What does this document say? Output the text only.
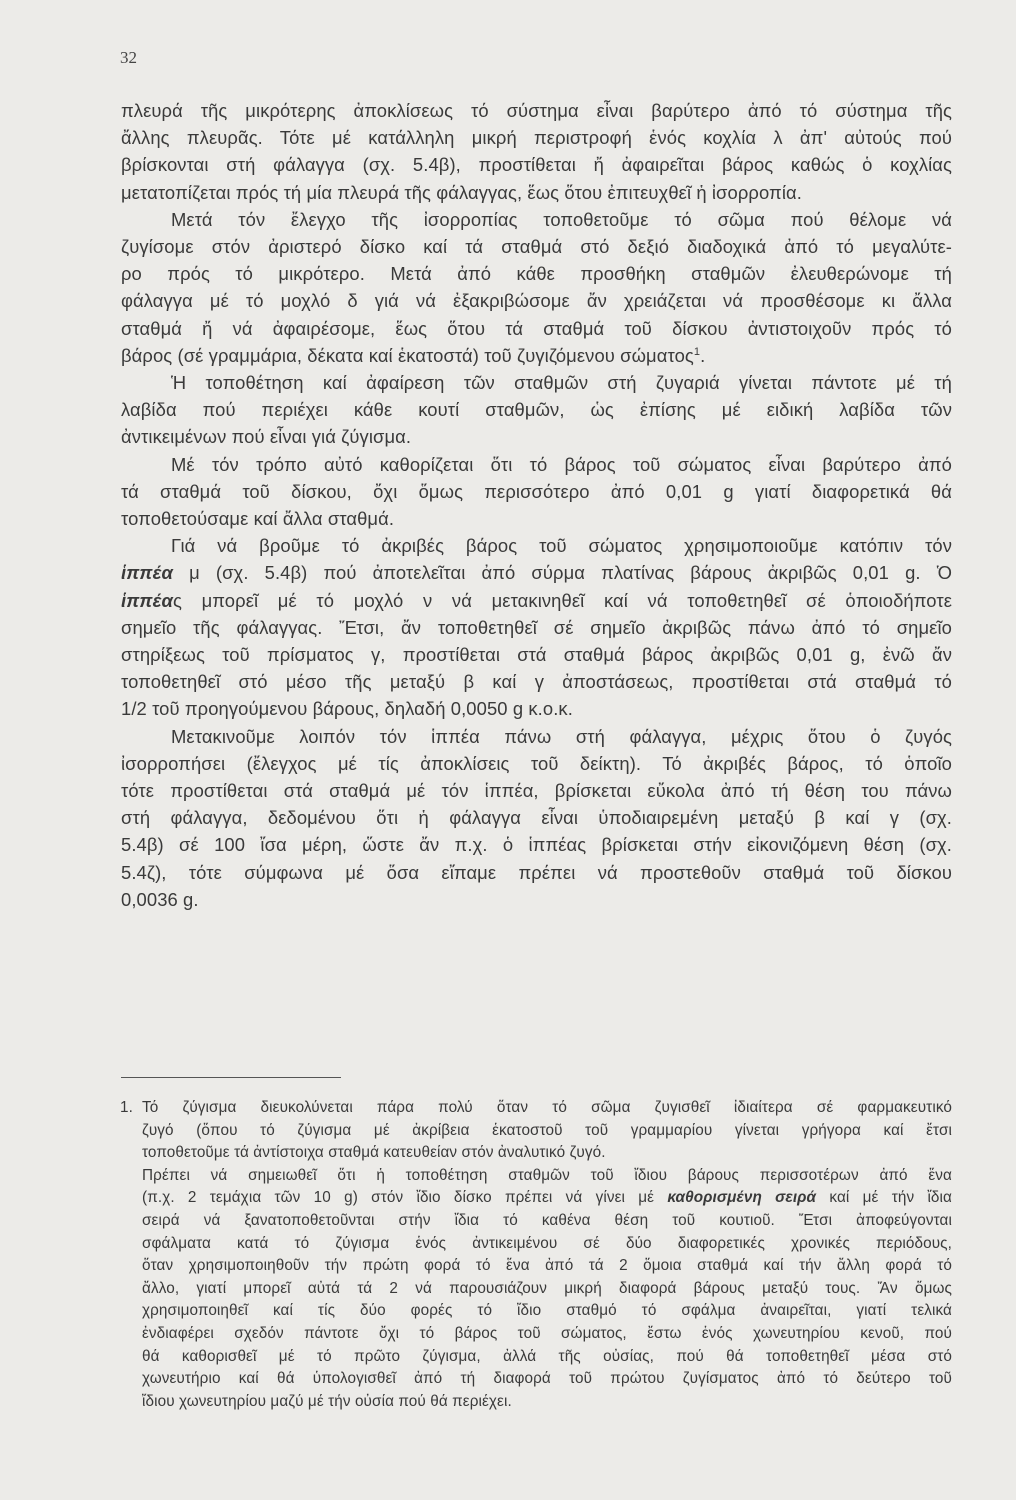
32

πλευρά τῆς μικρότερης ἀποκλίσεως τό σύστημα εἶναι βαρύτερο ἀπό τό σύστημα τῆς
ἄλλης πλευρᾶς. Τότε μέ κατάλληλη μικρή περιστροφή ἑνός κοχλία λ ἀπ' αὐτούς πού
βρίσκονται στή φάλαγγα (σχ. 5.4β), προστίθεται ἤ ἀφαιρεῖται βάρος καθώς ὁ κοχλίας
μετατοπίζεται πρός τή μία πλευρά τῆς φάλαγγας, ἕως ὅτου ἐπιτευχθεῖ ἡ ἰσορροπία.

Μετά τόν ἔλεγχο τῆς ἰσορροπίας τοποθετοῦμε τό σῶμα πού θέλομε νά
ζυγίσομε στόν ἀριστερό δίσκο καί τά σταθμά στό δεξιό διαδοχικά ἀπό τό μεγαλύτε-
ρο πρός τό μικρότερο. Μετά ἀπό κάθε προσθήκη σταθμῶν ἐλευθερώνομε τή
φάλαγγα μέ τό μοχλό δ γιά νά ἐξακριβώσομε ἄν χρειάζεται νά προσθέσομε κι ἄλλα
σταθμά ἤ νά ἀφαιρέσομε, ἕως ὅτου τά σταθμά τοῦ δίσκου ἀντιστοιχοῦν πρός τό
βάρος (σέ γραμμάρια, δέκατα καί ἑκατοστά) τοῦ ζυγιζόμενου σώματος$^1$.

Ἡ τοποθέτηση καί ἀφαίρεση τῶν σταθμῶν στή ζυγαριά γίνεται πάντοτε μέ τή
λαβίδα πού περιέχει κάθε κουτί σταθμῶν, ὡς ἐπίσης μέ ειδική λαβίδα τῶν
ἀντικειμένων πού εἶναι γιά ζύγισμα.

Μέ τόν τρόπο αὐτό καθορίζεται ὅτι τό βάρος τοῦ σώματος εἶναι βαρύτερο ἀπό
τά σταθμά τοῦ δίσκου, ὄχι ὅμως περισσότερο ἀπό 0,01 g γιατί διαφορετικά θά
τοποθετούσαμε καί ἄλλα σταθμά.

Γιά νά βροῦμε τό ἀκριβές βάρος τοῦ σώματος χρησιμοποιοῦμε κατόπιν τόν
ἱππέα μ (σχ. 5.4β) πού ἀποτελεῖται ἀπό σύρμα πλατίνας βάρους ἀκριβῶς 0,01 g. Ὁ
ἱππέας μπορεῖ μέ τό μοχλό ν νά μετακινηθεῖ καί νά τοποθετηθεῖ σέ ὁποιοδήποτε
σημεῖο τῆς φάλαγγας. Ἔτσι, ἄν τοποθετηθεῖ σέ σημεῖο ἀκριβῶς πάνω ἀπό τό σημεῖο
στηρίξεως τοῦ πρίσματος γ, προστίθεται στά σταθμά βάρος ἀκριβῶς 0,01 g, ἐνῶ ἄν
τοποθετηθεῖ στό μέσο τῆς μεταξύ β καί γ ἀποστάσεως, προστίθεται στά σταθμά τό
1/2 τοῦ προηγούμενου βάρους, δηλαδή 0,0050 g κ.ο.κ.

Μετακινοῦμε λοιπόν τόν ἱππέα πάνω στή φάλαγγα, μέχρις ὅτου ὁ ζυγός
ἰσορροπήσει (ἔλεγχος μέ τίς ἀποκλίσεις τοῦ δείκτη). Τό ἀκριβές βάρος, τό ὁποῖο
τότε προστίθεται στά σταθμά μέ τόν ἱππέα, βρίσκεται εὔκολα ἀπό τή θέση του πάνω
στή φάλαγγα, δεδομένου ὅτι ἡ φάλαγγα εἶναι ὑποδιαιρεμένη μεταξύ β καί γ (σχ.
5.4β) σέ 100 ἴσα μέρη, ὥστε ἄν π.χ. ὁ ἱππέας βρίσκεται στήν εἰκονιζόμενη θέση (σχ.
5.4ζ), τότε σύμφωνα μέ ὅσα εἴπαμε πρέπει νά προστεθοῦν σταθμά τοῦ δίσκου
0,0036 g.

1. Τό ζύγισμα διευκολύνεται πάρα πολύ ὅταν τό σῶμα ζυγισθεῖ ἰδιαίτερα σέ φαρμακευτικό
ζυγό (ὅπου τό ζύγισμα μέ ἀκρίβεια ἑκατοστοῦ τοῦ γραμμαρίου γίνεται γρήγορα καί ἔτσι
τοποθετοῦμε τά ἀντίστοιχα σταθμά κατευθείαν στόν ἀναλυτικό ζυγό.
Πρέπει νά σημειωθεῖ ὅτι ἡ τοποθέτηση σταθμῶν τοῦ ἴδιου βάρους περισσοτέρων ἀπό ἕνα
(π.χ. 2 τεμάχια τῶν 10 g) στόν ἴδιο δίσκο πρέπει νά γίνει μέ καθορισμένη σειρά καί μέ τήν ἴδια
σειρά νά ξανατοποθετοῦνται στήν ἴδια τό καθένα θέση τοῦ κουτιοῦ. Ἔτσι ἀποφεύγονται
σφάλματα κατά τό ζύγισμα ἑνός ἀντικειμένου σέ δύο διαφορετικές χρονικές περιόδους,
ὅταν χρησιμοποιηθοῦν τήν πρώτη φορά τό ἕνα ἀπό τά 2 ὅμοια σταθμά καί τήν ἄλλη φορά τό
ἄλλο, γιατί μπορεῖ αὐτά τά 2 νά παρουσιάζουν μικρή διαφορά βάρους μεταξύ τους. Ἄν ὅμως
χρησιμοποιηθεῖ καί τίς δύο φορές τό ἴδιο σταθμό τό σφάλμα ἀναιρεῖται, γιατί τελικά
ἐνδιαφέρει σχεδόν πάντοτε ὄχι τό βάρος τοῦ σώματος, ἔστω ἑνός χωνευτηρίου κενοῦ, πού
θά καθορισθεῖ μέ τό πρῶτο ζύγισμα, ἀλλά τῆς οὐσίας, πού θά τοποθετηθεῖ μέσα στό
χωνευτήριο καί θά ὑπολογισθεῖ ἀπό τή διαφορά τοῦ πρώτου ζυγίσματος ἀπό τό δεύτερο τοῦ
ἴδιου χωνευτηρίου μαζύ μέ τήν οὐσία πού θά περιέχει.
